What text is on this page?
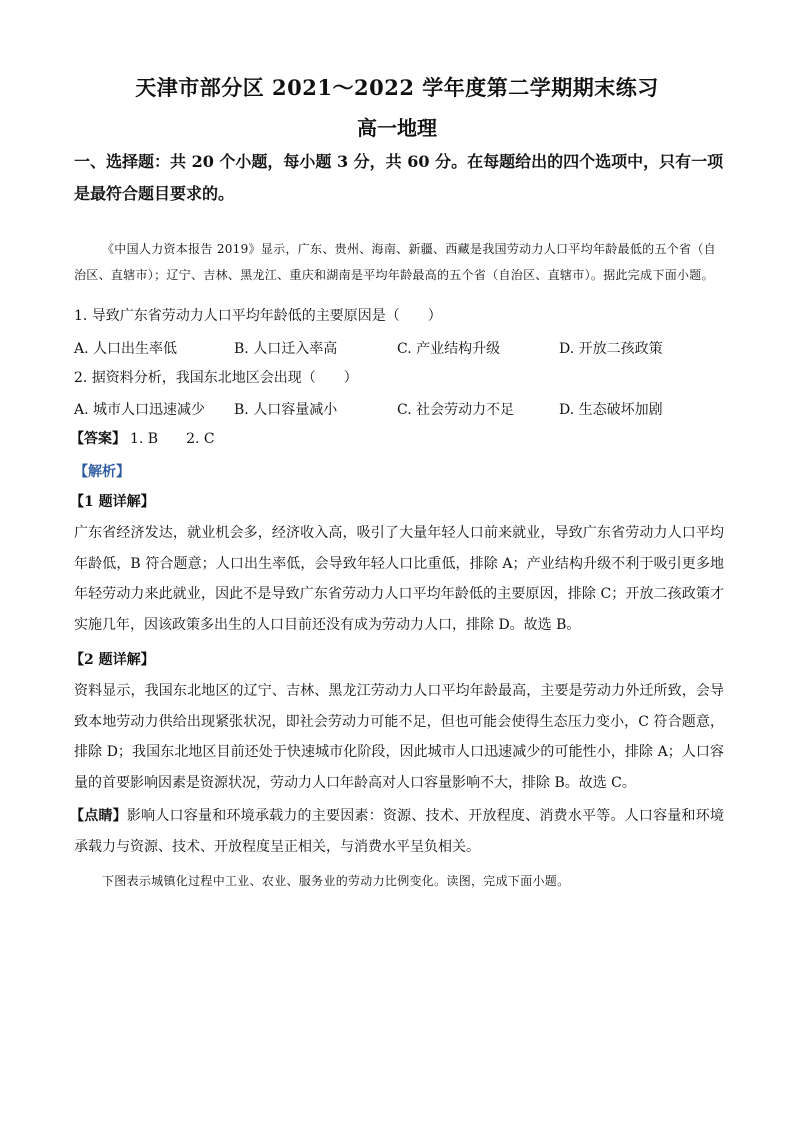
天津市部分区 2021～2022 学年度第二学期期末练习
高一地理
一、选择题：共 20 个小题，每小题 3 分，共 60 分。在每题给出的四个选项中，只有一项是最符合题目要求的。
《中国人力资本报告 2019》显示，广东、贵州、海南、新疆、西藏是我国劳动力人口平均年龄最低的五个省（自治区、直辖市）；辽宁、吉林、黑龙江、重庆和湖南是平均年龄最高的五个省（自治区、直辖市）。据此完成下面小题。
1. 导致广东省劳动力人口平均年龄低的主要原因是（　　）
A. 人口出生率低	B. 人口迁入率高	C. 产业结构升级	D. 开放二孩政策
2. 据资料分析，我国东北地区会出现（　　）
A. 城市人口迅速减少 B. 人口容量减小	C. 社会劳动力不足	D. 生态破坏加剧
【答案】 1. B　　2. C
【解析】
【1 题详解】
广东省经济发达，就业机会多，经济收入高，吸引了大量年轻人口前来就业，导致广东省劳动力人口平均年龄低，B 符合题意；人口出生率低，会导致年轻人口比重低，排除 A；产业结构升级不利于吸引更多地年轻劳动力来此就业，因此不是导致广东省劳动力人口平均年龄低的主要原因，排除 C；开放二孩政策才实施几年，因该政策多出生的人口目前还没有成为劳动力人口，排除 D。故选 B。
【2 题详解】
资料显示，我国东北地区的辽宁、吉林、黑龙江劳动力人口平均年龄最高，主要是劳动力外迁所致，会导致本地劳动力供给出现紧张状况，即社会劳动力可能不足，但也可能会使得生态压力变小，C 符合题意，排除 D；我国东北地区目前还处于快速城市化阶段，因此城市人口迅速减少的可能性小，排除 A；人口容量的首要影响因素是资源状况，劳动力人口年龄高对人口容量影响不大，排除 B。故选 C。
【点睛】影响人口容量和环境承载力的主要因素：资源、技术、开放程度、消费水平等。人口容量和环境承载力与资源、技术、开放程度呈正相关，与消费水平呈负相关。
下图表示城镇化过程中工业、农业、服务业的劳动力比例变化。读图，完成下面小题。
